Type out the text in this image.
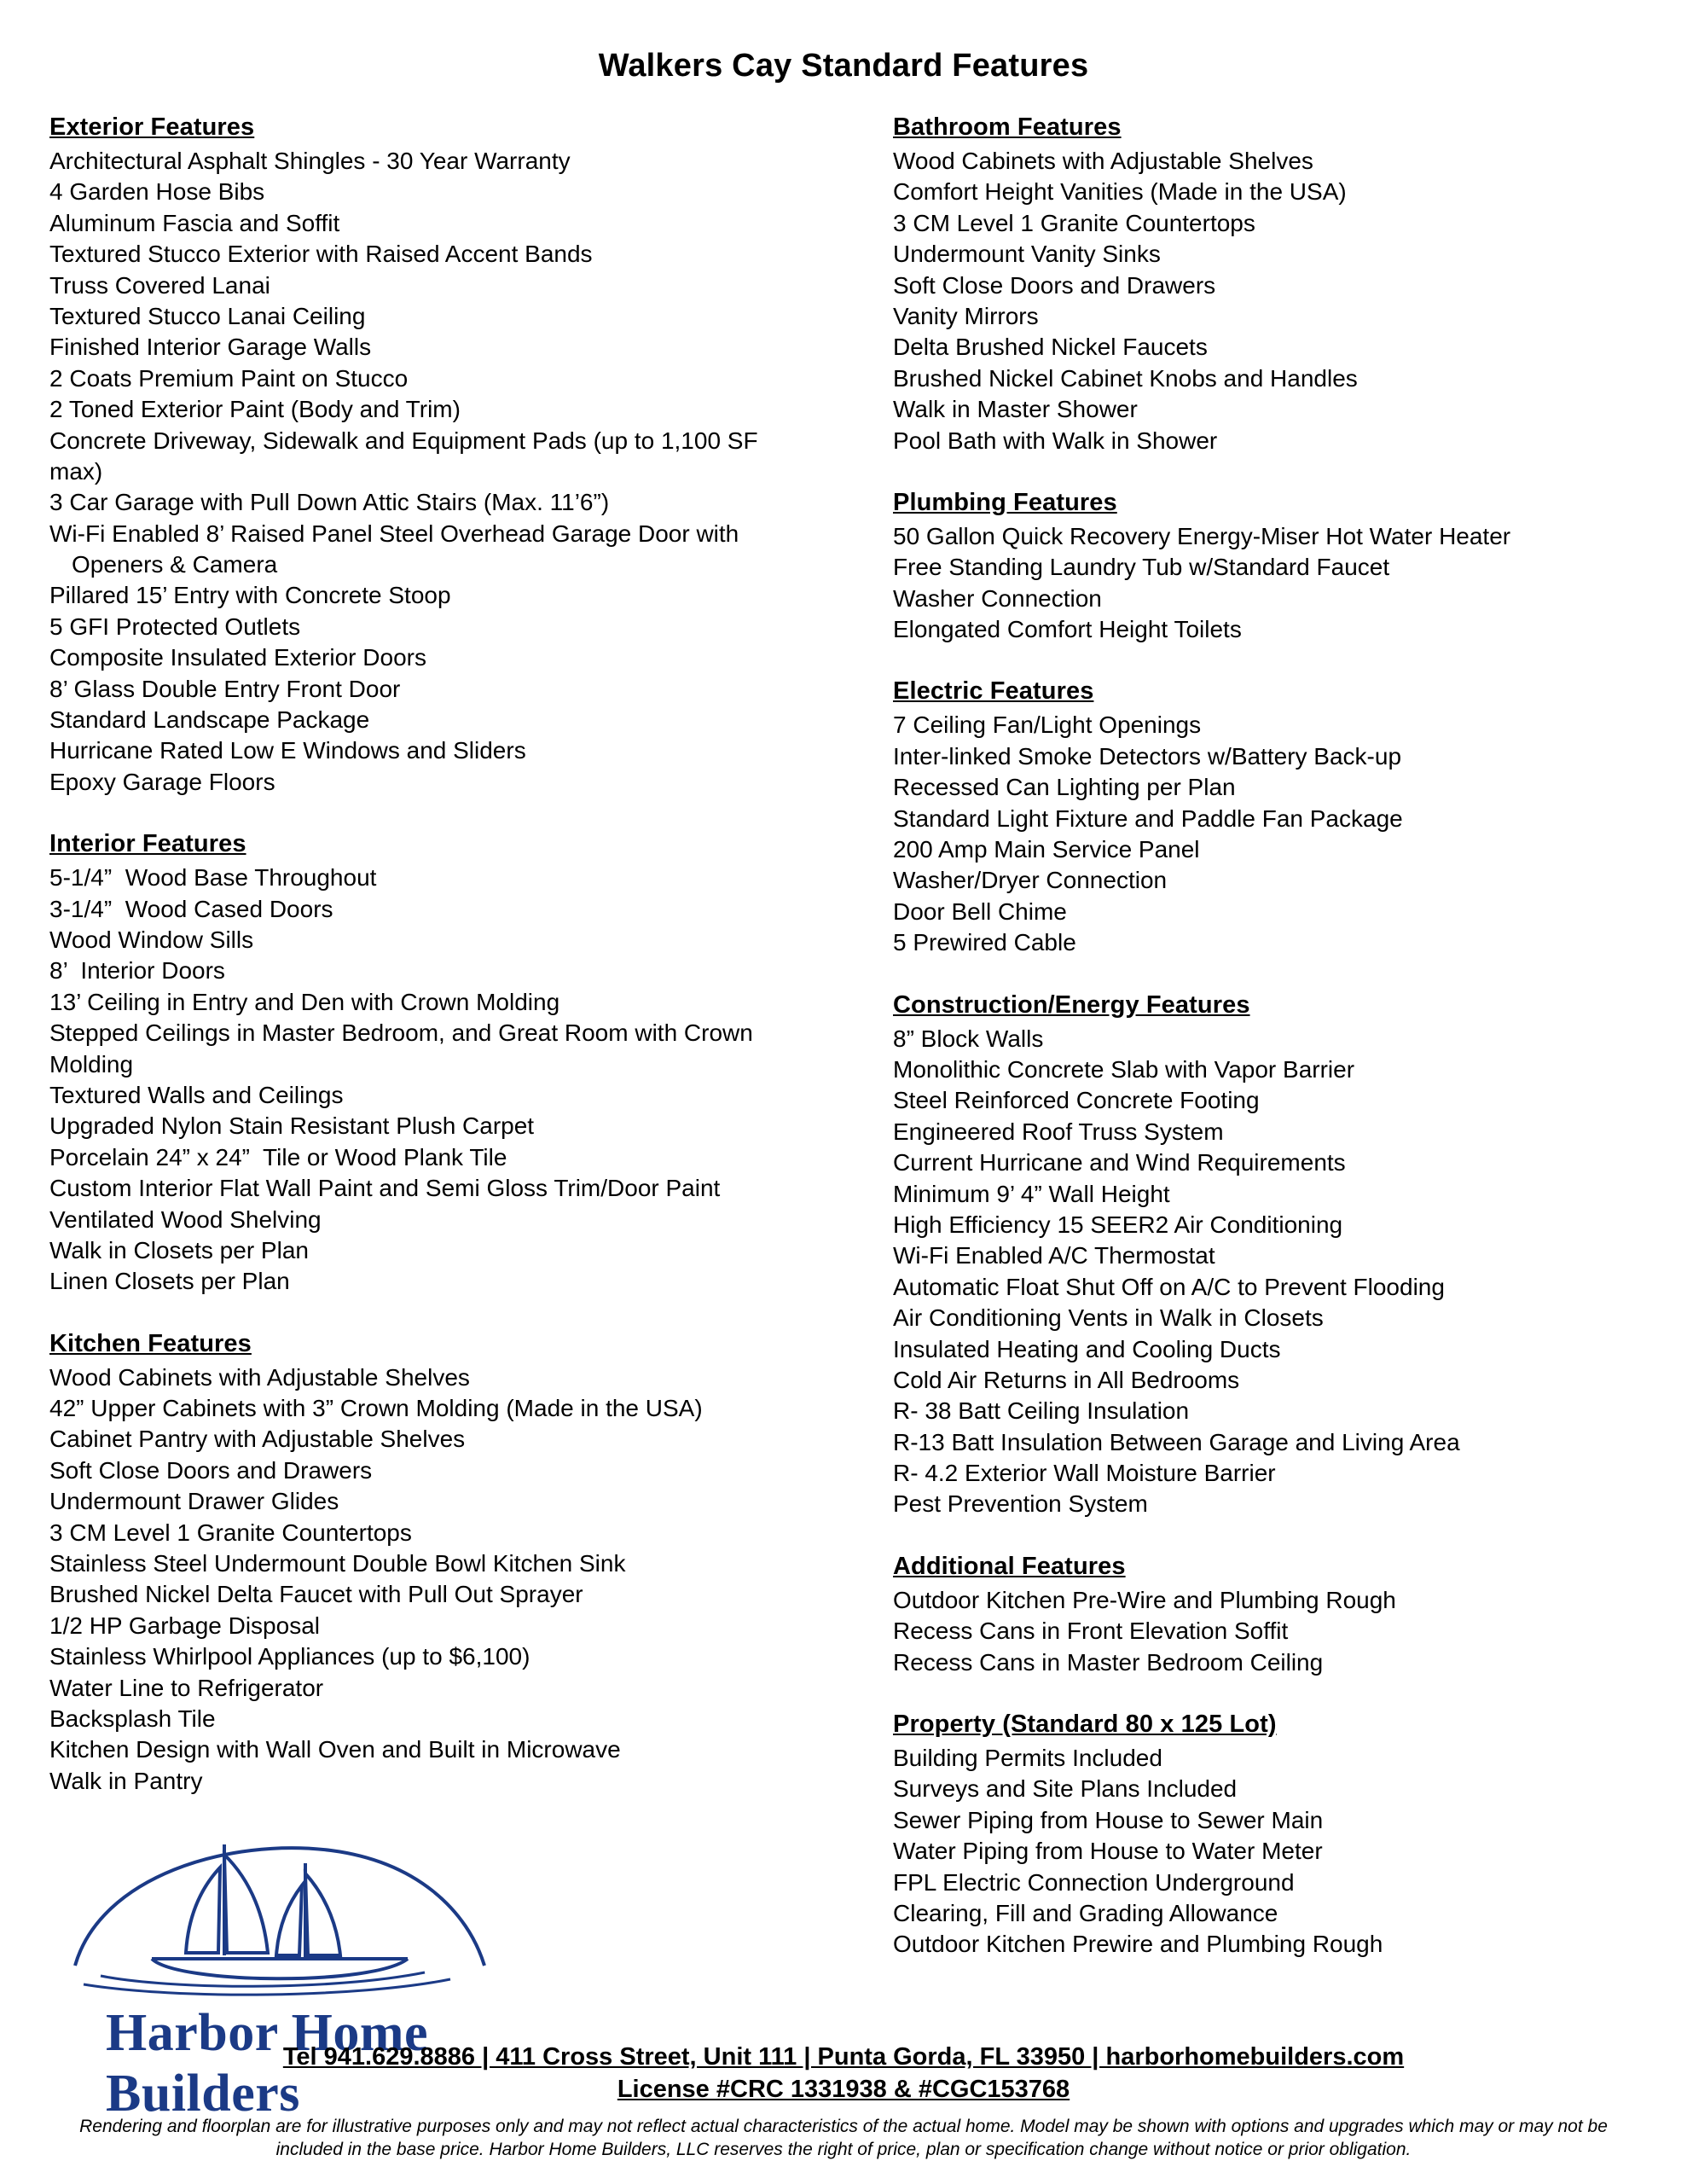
Walkers Cay Standard Features
Exterior Features
Architectural Asphalt Shingles - 30 Year Warranty
4 Garden Hose Bibs
Aluminum Fascia and Soffit
Textured Stucco Exterior with Raised Accent Bands
Truss Covered Lanai
Textured Stucco Lanai Ceiling
Finished Interior Garage Walls
2 Coats Premium Paint on Stucco
2 Toned Exterior Paint (Body and Trim)
Concrete Driveway, Sidewalk and Equipment Pads (up to 1,100 SF max)
3 Car Garage with Pull Down Attic Stairs (Max. 11’6”)
Wi-Fi Enabled 8’ Raised Panel Steel Overhead Garage Door with
Openers & Camera
Pillared 15’ Entry with Concrete Stoop
5 GFI Protected Outlets
Composite Insulated Exterior Doors
8’ Glass Double Entry Front Door
Standard Landscape Package
Hurricane Rated Low E Windows and Sliders
Epoxy Garage Floors
Interior Features
5-1/4”  Wood Base Throughout
3-1/4”  Wood Cased Doors
Wood Window Sills
8’  Interior Doors
13’ Ceiling in Entry and Den with Crown Molding
Stepped Ceilings in Master Bedroom, and Great Room with Crown Molding
Textured Walls and Ceilings
Upgraded Nylon Stain Resistant Plush Carpet
Porcelain 24” x 24”  Tile or Wood Plank Tile
Custom Interior Flat Wall Paint and Semi Gloss Trim/Door Paint
Ventilated Wood Shelving
Walk in Closets per Plan
Linen Closets per Plan
Kitchen Features
Wood Cabinets with Adjustable Shelves
42” Upper Cabinets with 3” Crown Molding (Made in the USA)
Cabinet Pantry with Adjustable Shelves
Soft Close Doors and Drawers
Undermount Drawer Glides
3 CM Level 1 Granite Countertops
Stainless Steel Undermount Double Bowl Kitchen Sink
Brushed Nickel Delta Faucet with Pull Out Sprayer
1/2 HP Garbage Disposal
Stainless Whirlpool Appliances (up to $6,100)
Water Line to Refrigerator
Backsplash Tile
Kitchen Design with Wall Oven and Built in Microwave
Walk in Pantry
Harbor Home Builders
Bathroom Features
Wood Cabinets with Adjustable Shelves
Comfort Height Vanities (Made in the USA)
3 CM Level 1 Granite Countertops
Undermount Vanity Sinks
Soft Close Doors and Drawers
Vanity Mirrors
Delta Brushed Nickel Faucets
Brushed Nickel Cabinet Knobs and Handles
Walk in Master Shower
Pool Bath with Walk in Shower
Plumbing Features
50 Gallon Quick Recovery Energy-Miser Hot Water Heater
Free Standing Laundry Tub w/Standard Faucet
Washer Connection
Elongated Comfort Height Toilets
Electric Features
7 Ceiling Fan/Light Openings
Inter-linked Smoke Detectors w/Battery Back-up
Recessed Can Lighting per Plan
Standard Light Fixture and Paddle Fan Package
200 Amp Main Service Panel
Washer/Dryer Connection
Door Bell Chime
5 Prewired Cable
Construction/Energy Features
8” Block Walls
Monolithic Concrete Slab with Vapor Barrier
Steel Reinforced Concrete Footing
Engineered Roof Truss System
Current Hurricane and Wind Requirements
Minimum 9’ 4” Wall Height
High Efficiency 15 SEER2 Air Conditioning
Wi-Fi Enabled A/C Thermostat
Automatic Float Shut Off on A/C to Prevent Flooding
Air Conditioning Vents in Walk in Closets
Insulated Heating and Cooling Ducts
Cold Air Returns in All Bedrooms
R- 38 Batt Ceiling Insulation
R-13 Batt Insulation Between Garage and Living Area
R- 4.2 Exterior Wall Moisture Barrier
Pest Prevention System
Additional Features
Outdoor Kitchen Pre-Wire and Plumbing Rough
Recess Cans in Front Elevation Soffit
Recess Cans in Master Bedroom Ceiling
Property (Standard 80 x 125 Lot)
Building Permits Included
Surveys and Site Plans Included
Sewer Piping from House to Sewer Main
Water Piping from House to Water Meter
FPL Electric Connection Underground
Clearing, Fill and Grading Allowance
Outdoor Kitchen Prewire and Plumbing Rough
Tel 941.629.8886 | 411 Cross Street, Unit 111 | Punta Gorda, FL 33950 | harborhomebuilders.com
License #CRC 1331938 & #CGC153768
Rendering and floorplan are for illustrative purposes only and may not reflect actual characteristics of the actual home. Model may be shown with options and upgrades which may or may not be included in the base price. Harbor Home Builders, LLC reserves the right of price, plan or specification change without notice or prior obligation.
